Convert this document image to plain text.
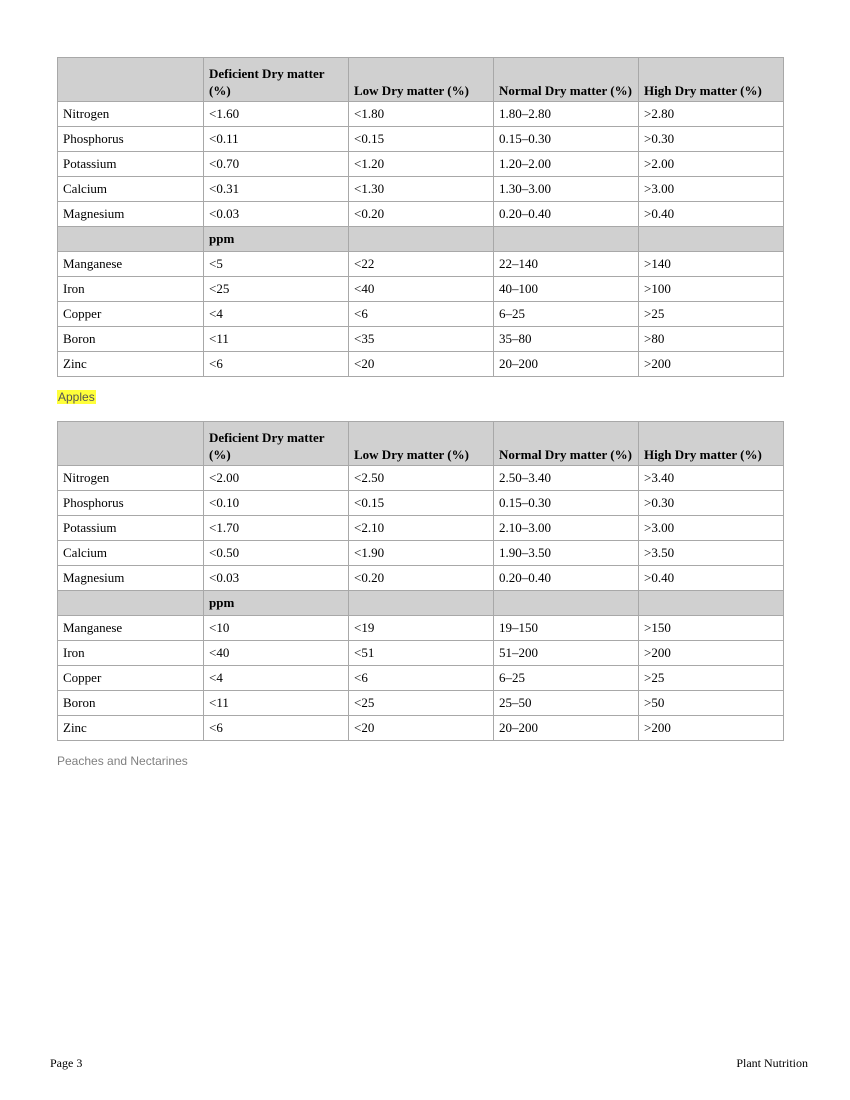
	Deficient Dry matter (%)	Low Dry matter (%)	Normal Dry matter (%)	High Dry matter (%)
Nitrogen	<1.60	<1.80	1.80–2.80	>2.80
Phosphorus	<0.11	<0.15	0.15–0.30	>0.30
Potassium	<0.70	<1.20	1.20–2.00	>2.00
Calcium	<0.31	<1.30	1.30–3.00	>3.00
Magnesium	<0.03	<0.20	0.20–0.40	>0.40
	ppm			
Manganese	<5	<22	22–140	>140
Iron	<25	<40	40–100	>100
Copper	<4	<6	6–25	>25
Boron	<11	<35	35–80	>80
Zinc	<6	<20	20–200	>200
Apples
	Deficient Dry matter (%)	Low Dry matter (%)	Normal Dry matter (%)	High Dry matter (%)
Nitrogen	<2.00	<2.50	2.50–3.40	>3.40
Phosphorus	<0.10	<0.15	0.15–0.30	>0.30
Potassium	<1.70	<2.10	2.10–3.00	>3.00
Calcium	<0.50	<1.90	1.90–3.50	>3.50
Magnesium	<0.03	<0.20	0.20–0.40	>0.40
	ppm			
Manganese	<10	<19	19–150	>150
Iron	<40	<51	51–200	>200
Copper	<4	<6	6–25	>25
Boron	<11	<25	25–50	>50
Zinc	<6	<20	20–200	>200
Peaches and Nectarines
Page 3	Plant Nutrition
